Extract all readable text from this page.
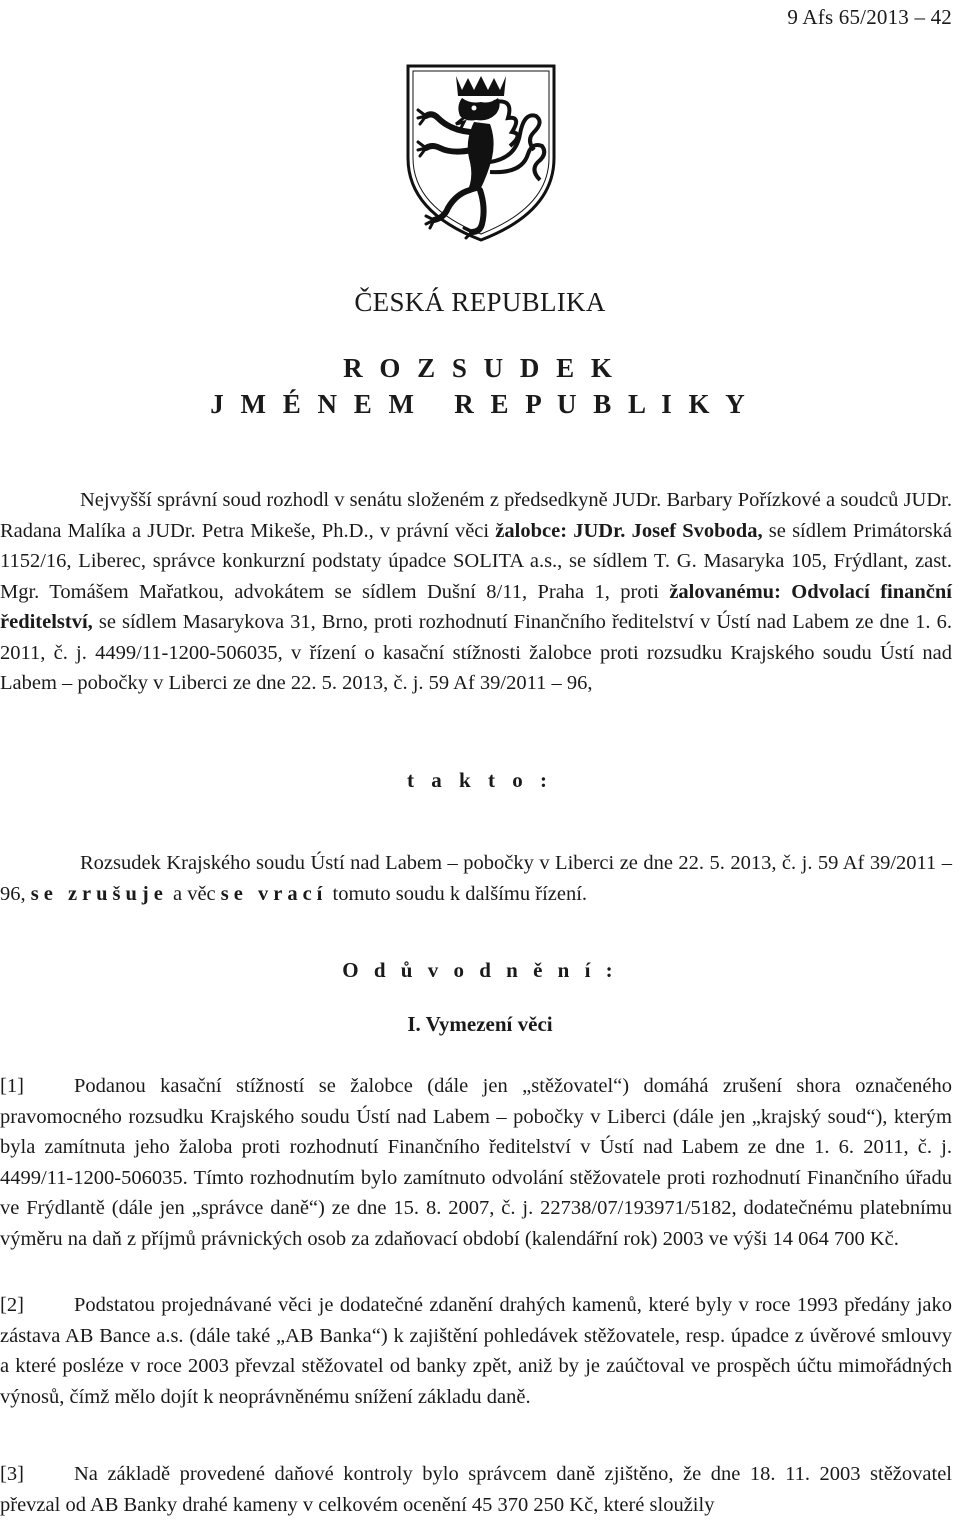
9 Afs 65/2013 – 42
ČESKÁ REPUBLIKA
R O Z S U D E K
J M É N E M   R E P U B L I K Y

Nejvyšší správní soud rozhodl v senátu složeném z předsedkyně JUDr. Barbary Pořízkové a soudců JUDr. Radana Malíka a JUDr. Petra Mikeše, Ph.D., v právní věci žalobce: JUDr. Josef Svoboda, se sídlem Primátorská 1152/16, Liberec, správce konkurzní podstaty úpadce SOLITA a.s., se sídlem T. G. Masaryka 105, Frýdlant, zast. Mgr. Tomášem Mařatkou, advokátem se sídlem Dušní 8/11, Praha 1, proti žalovanému: Odvolací finanční ředitelství, se sídlem Masarykova 31, Brno, proti rozhodnutí Finančního ředitelství v Ústí nad Labem ze dne 1. 6. 2011, č. j. 4499/11-1200-506035, v řízení o kasační stížnosti žalobce proti rozsudku Krajského soudu Ústí nad Labem – pobočky v Liberci ze dne 22. 5. 2013, č. j. 59 Af 39/2011 – 96,

t a k t o :

Rozsudek Krajského soudu Ústí nad Labem – pobočky v Liberci ze dne 22. 5. 2013, č. j. 59 Af 39/2011 – 96, se zrušuje a věc se vrací tomuto soudu k dalšímu řízení.

O d ů v o d n ě n í :
I. Vymezení věci

[1] Podanou kasační stížností se žalobce (dále jen „stěžovatel“) domáhá zrušení shora označeného pravomocného rozsudku Krajského soudu Ústí nad Labem – pobočky v Liberci (dále jen „krajský soud“), kterým byla zamítnuta jeho žaloba proti rozhodnutí Finančního ředitelství v Ústí nad Labem ze dne 1. 6. 2011, č. j. 4499/11-1200-506035. Tímto rozhodnutím bylo zamítnuto odvolání stěžovatele proti rozhodnutí Finančního úřadu ve Frýdlantě (dále jen „správce daně“) ze dne 15. 8. 2007, č. j. 22738/07/193971/5182, dodatečnému platebnímu výměru na daň z příjmů právnických osob za zdaňovací období (kalendářní rok) 2003 ve výši 14 064 700 Kč.

[2] Podstatou projednávané věci je dodatečné zdanění drahých kamenů, které byly v roce 1993 předány jako zástava AB Bance a.s. (dále také „AB Banka“) k zajištění pohledávek stěžovatele, resp. úpadce z úvěrové smlouvy a které posléze v roce 2003 převzal stěžovatel od banky zpět, aniž by je zaúčtoval ve prospěch účtu mimořádných výnosů, čímž mělo dojít k neoprávněnému snížení základu daně.

[3] Na základě provedené daňové kontroly bylo správcem daně zjištěno, že dne 18. 11. 2003 stěžovatel převzal od AB Banky drahé kameny v celkovém ocenění 45 370 250 Kč, které sloužily
